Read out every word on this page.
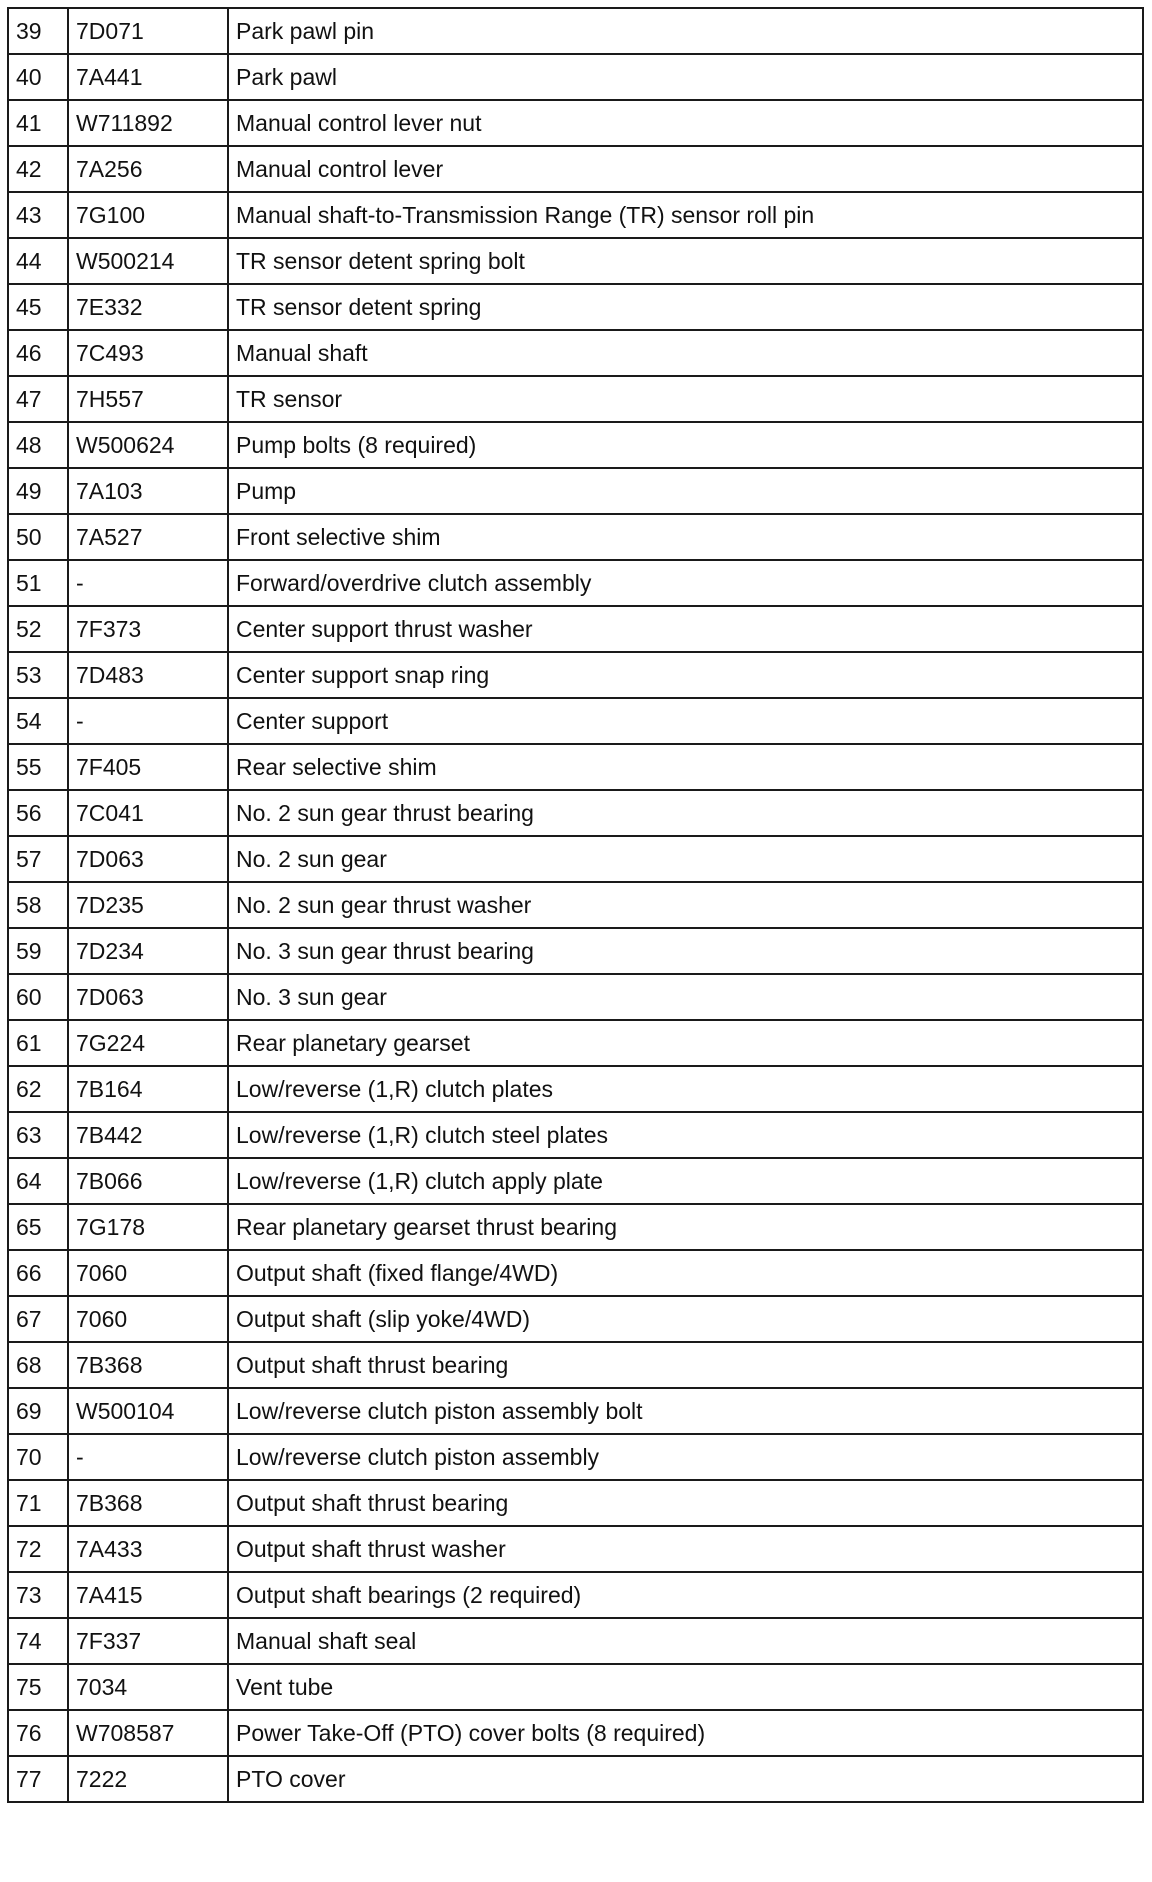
39	7D071	Park pawl pin
40	7A441	Park pawl
41	W711892	Manual control lever nut
42	7A256	Manual control lever
43	7G100	Manual shaft-to-Transmission Range (TR) sensor roll pin
44	W500214	TR sensor detent spring bolt
45	7E332	TR sensor detent spring
46	7C493	Manual shaft
47	7H557	TR sensor
48	W500624	Pump bolts (8 required)
49	7A103	Pump
50	7A527	Front selective shim
51	-	Forward/overdrive clutch assembly
52	7F373	Center support thrust washer
53	7D483	Center support snap ring
54	-	Center support
55	7F405	Rear selective shim
56	7C041	No. 2 sun gear thrust bearing
57	7D063	No. 2 sun gear
58	7D235	No. 2 sun gear thrust washer
59	7D234	No. 3 sun gear thrust bearing
60	7D063	No. 3 sun gear
61	7G224	Rear planetary gearset
62	7B164	Low/reverse (1,R) clutch plates
63	7B442	Low/reverse (1,R) clutch steel plates
64	7B066	Low/reverse (1,R) clutch apply plate
65	7G178	Rear planetary gearset thrust bearing
66	7060	Output shaft (fixed flange/4WD)
67	7060	Output shaft (slip yoke/4WD)
68	7B368	Output shaft thrust bearing
69	W500104	Low/reverse clutch piston assembly bolt
70	-	Low/reverse clutch piston assembly
71	7B368	Output shaft thrust bearing
72	7A433	Output shaft thrust washer
73	7A415	Output shaft bearings (2 required)
74	7F337	Manual shaft seal
75	7034	Vent tube
76	W708587	Power Take-Off (PTO) cover bolts (8 required)
77	7222	PTO cover
